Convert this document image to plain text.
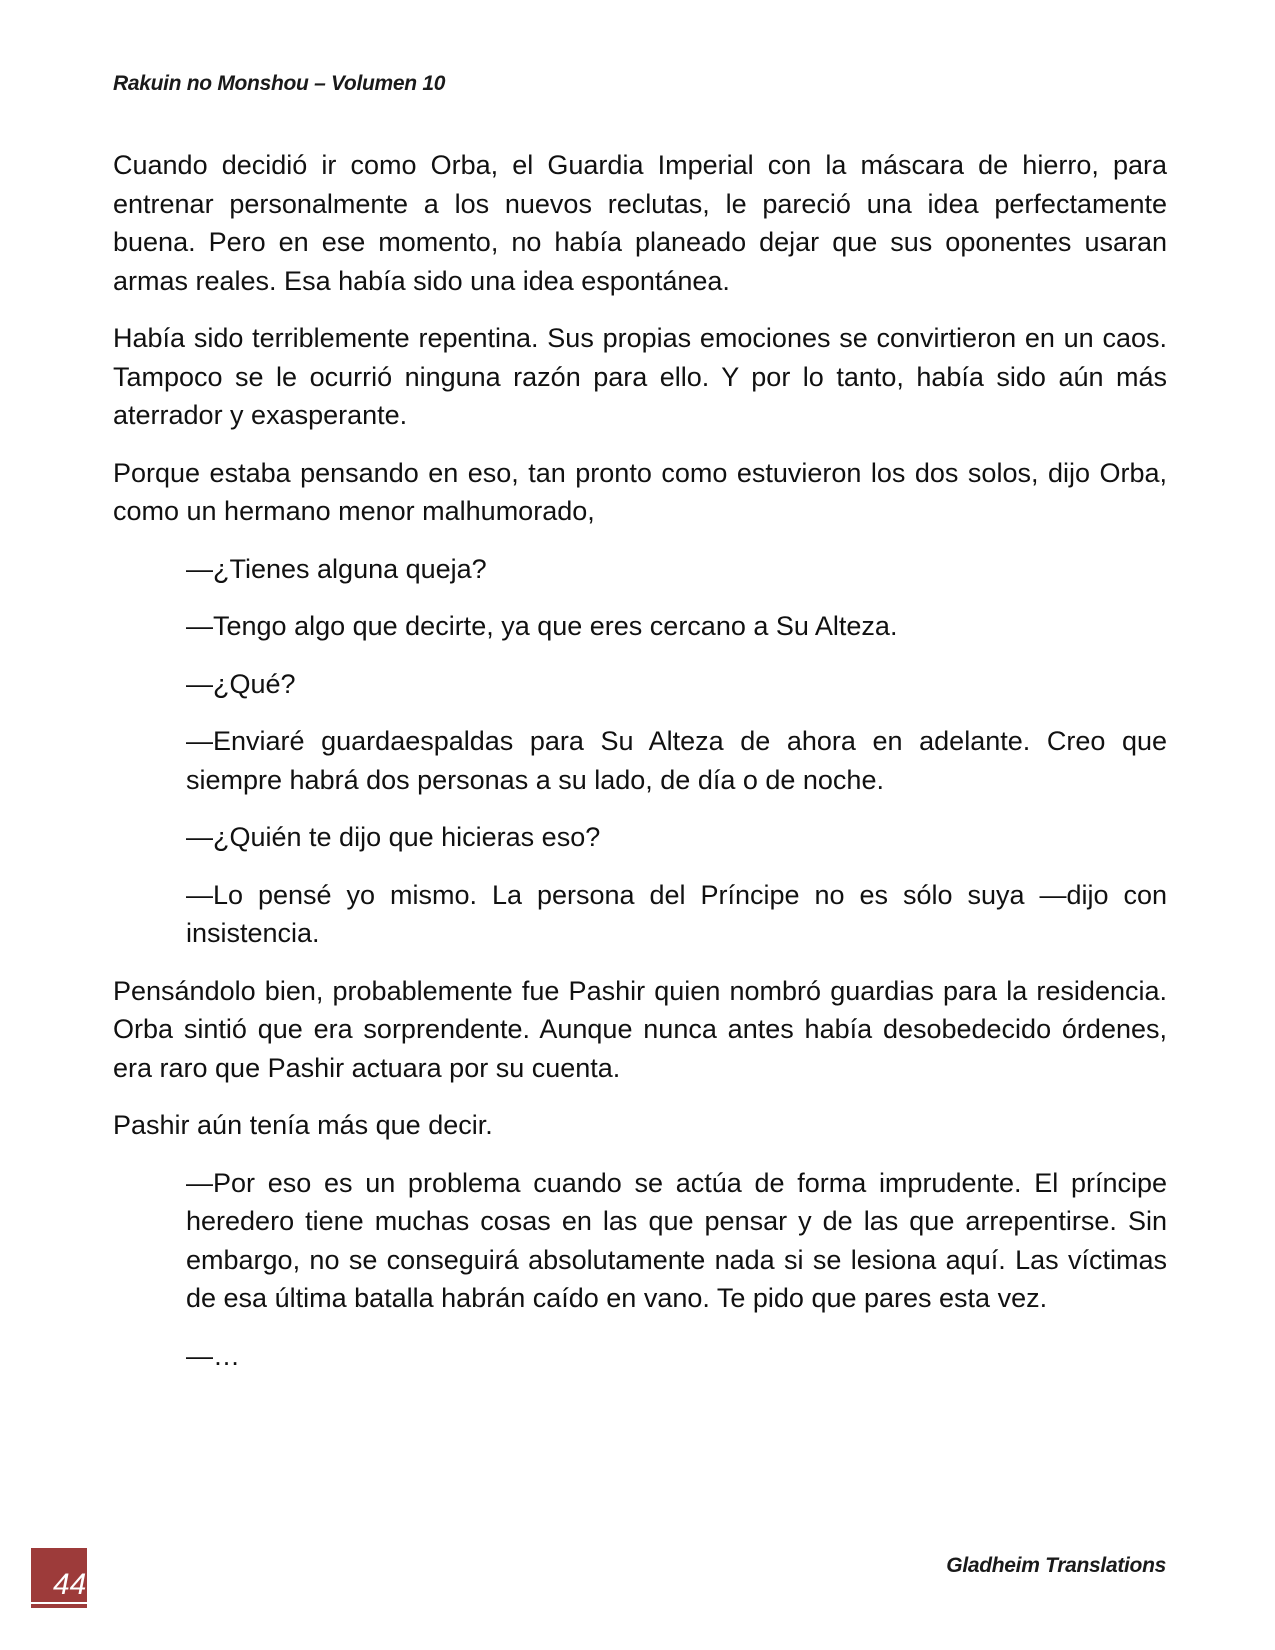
Rakuin no Monshou – Volumen 10

Cuando decidió ir como Orba, el Guardia Imperial con la máscara de hierro, para entrenar personalmente a los nuevos reclutas, le pareció una idea perfectamente buena. Pero en ese momento, no había planeado dejar que sus oponentes usaran armas reales. Esa había sido una idea espontánea.

Había sido terriblemente repentina. Sus propias emociones se convirtieron en un caos. Tampoco se le ocurrió ninguna razón para ello. Y por lo tanto, había sido aún más aterrador y exasperante.

Porque estaba pensando en eso, tan pronto como estuvieron los dos solos, dijo Orba, como un hermano menor malhumorado,

—¿Tienes alguna queja?

—Tengo algo que decirte, ya que eres cercano a Su Alteza.

—¿Qué?

—Enviaré guardaespaldas para Su Alteza de ahora en adelante. Creo que siempre habrá dos personas a su lado, de día o de noche.

—¿Quién te dijo que hicieras eso?

—Lo pensé yo mismo. La persona del Príncipe no es sólo suya —dijo con insistencia.

Pensándolo bien, probablemente fue Pashir quien nombró guardias para la residencia. Orba sintió que era sorprendente. Aunque nunca antes había desobedecido órdenes, era raro que Pashir actuara por su cuenta.

Pashir aún tenía más que decir.

—Por eso es un problema cuando se actúa de forma imprudente. El príncipe heredero tiene muchas cosas en las que pensar y de las que arrepentirse. Sin embargo, no se conseguirá absolutamente nada si se lesiona aquí. Las víctimas de esa última batalla habrán caído en vano. Te pido que pares esta vez.

—…

44
Gladheim Translations
